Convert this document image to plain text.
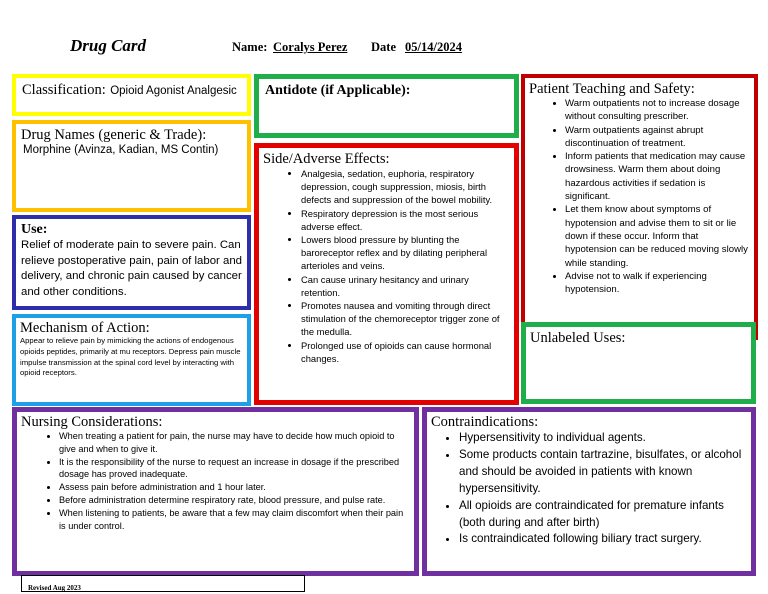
Drug Card	Name: Coralys Perez Date 05/14/2024
Classification: Opioid Agonist Analgesic
Drug Names (generic & Trade):
Morphine (Avinza, Kadian, MS Contin)
Use:
Relief of moderate pain to severe pain. Can relieve postoperative pain, pain of labor and delivery, and chronic pain caused by cancer and other conditions.
Mechanism of Action:
Appear to relieve pain by mimicking the actions of endogenous opioids peptides, primarily at mu receptors. Depress pain muscle impulse transmission at the spinal cord level by interacting with opioid receptors.
Antidote (if Applicable):
Side/Adverse Effects:
• Analgesia, sedation, euphoria, respiratory depression, cough suppression, miosis, birth defects and suppression of the bowel mobility.
• Respiratory depression is the most serious adverse effect.
• Lowers blood pressure by blunting the baroreceptor reflex and by dilating peripheral arterioles and veins.
• Can cause urinary hesitancy and urinary retention.
• Promotes nausea and vomiting through direct stimulation of the chemoreceptor trigger zone of the medulla.
• Prolonged use of opioids can cause hormonal changes.
Patient Teaching and Safety:
• Warm outpatients not to increase dosage without consulting prescriber.
• Warm outpatients against abrupt discontinuation of treatment.
• Inform patients that medication may cause drowsiness. Warm them about doing hazardous activities if sedation is significant.
• Let them know about symptoms of hypotension and advise them to sit or lie down if these occur. Inform that hypotension can be reduced moving slowly while standing.
• Advise not to walk if experiencing hypotension.
Unlabeled Uses:
Nursing Considerations:
• When treating a patient for pain, the nurse may have to decide how much opioid to give and when to give it.
• It is the responsibility of the nurse to request an increase in dosage if the prescribed dosage has proved inadequate.
• Assess pain before administration and 1 hour later.
• Before administration determine respiratory rate, blood pressure, and pulse rate.
• When listening to patients, be aware that a few may claim discomfort when their pain is under control.
Contraindications:
• Hypersensitivity to individual agents.
• Some products contain tartrazine, bisulfates, or alcohol and should be avoided in patients with known hypersensitivity.
• All opioids are contraindicated for premature infants (both during and after birth)
• Is contraindicated following biliary tract surgery.
Revised Aug 2023
